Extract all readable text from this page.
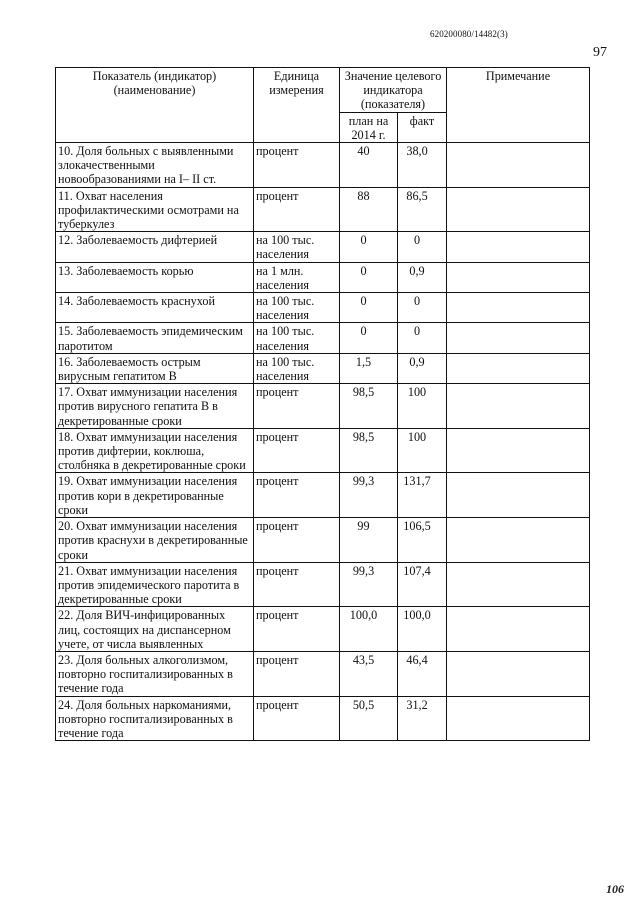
620200080/14482(3)
97
Показатель (индикатор) (наименование)	Единица измерения	Значение целевого индикатора (показателя)		Примечание
		план на 2014 г.	факт	
10. Доля больных с выявленными злокачественными новообразованиями на I– II ст.	процент	40	38,0	
11. Охват населения профилактическими осмотрами на туберкулез	процент	88	86,5	
12. Заболеваемость дифтерией	на 100 тыс. населения	0	0	
13. Заболеваемость корью	на 1 млн. населения	0	0,9	
14. Заболеваемость краснухой	на 100 тыс. населения	0	0	
15. Заболеваемость эпидемическим паротитом	на 100 тыс. населения	0	0	
16. Заболеваемость острым вирусным гепатитом В	на 100 тыс. населения	1,5	0,9	
17. Охват иммунизации населения против вирусного гепатита В в декретированные сроки	процент	98,5	100	
18. Охват иммунизации населения против дифтерии, коклюша, столбняка в декретированные сроки	процент	98,5	100	
19. Охват иммунизации населения против кори в декретированные сроки	процент	99,3	131,7	
20. Охват иммунизации населения против краснухи в декретированные сроки	процент	99	106,5	
21. Охват иммунизации населения против эпидемического паротита в декретированные сроки	процент	99,3	107,4	
22. Доля ВИЧ-инфицированных лиц, состоящих на диспансерном учете, от числа выявленных	процент	100,0	100,0	
23. Доля больных алкоголизмом, повторно госпитализированных в течение года	процент	43,5	46,4	
24. Доля больных наркоманиями, повторно госпитализированных в течение года	процент	50,5	31,2	
106
